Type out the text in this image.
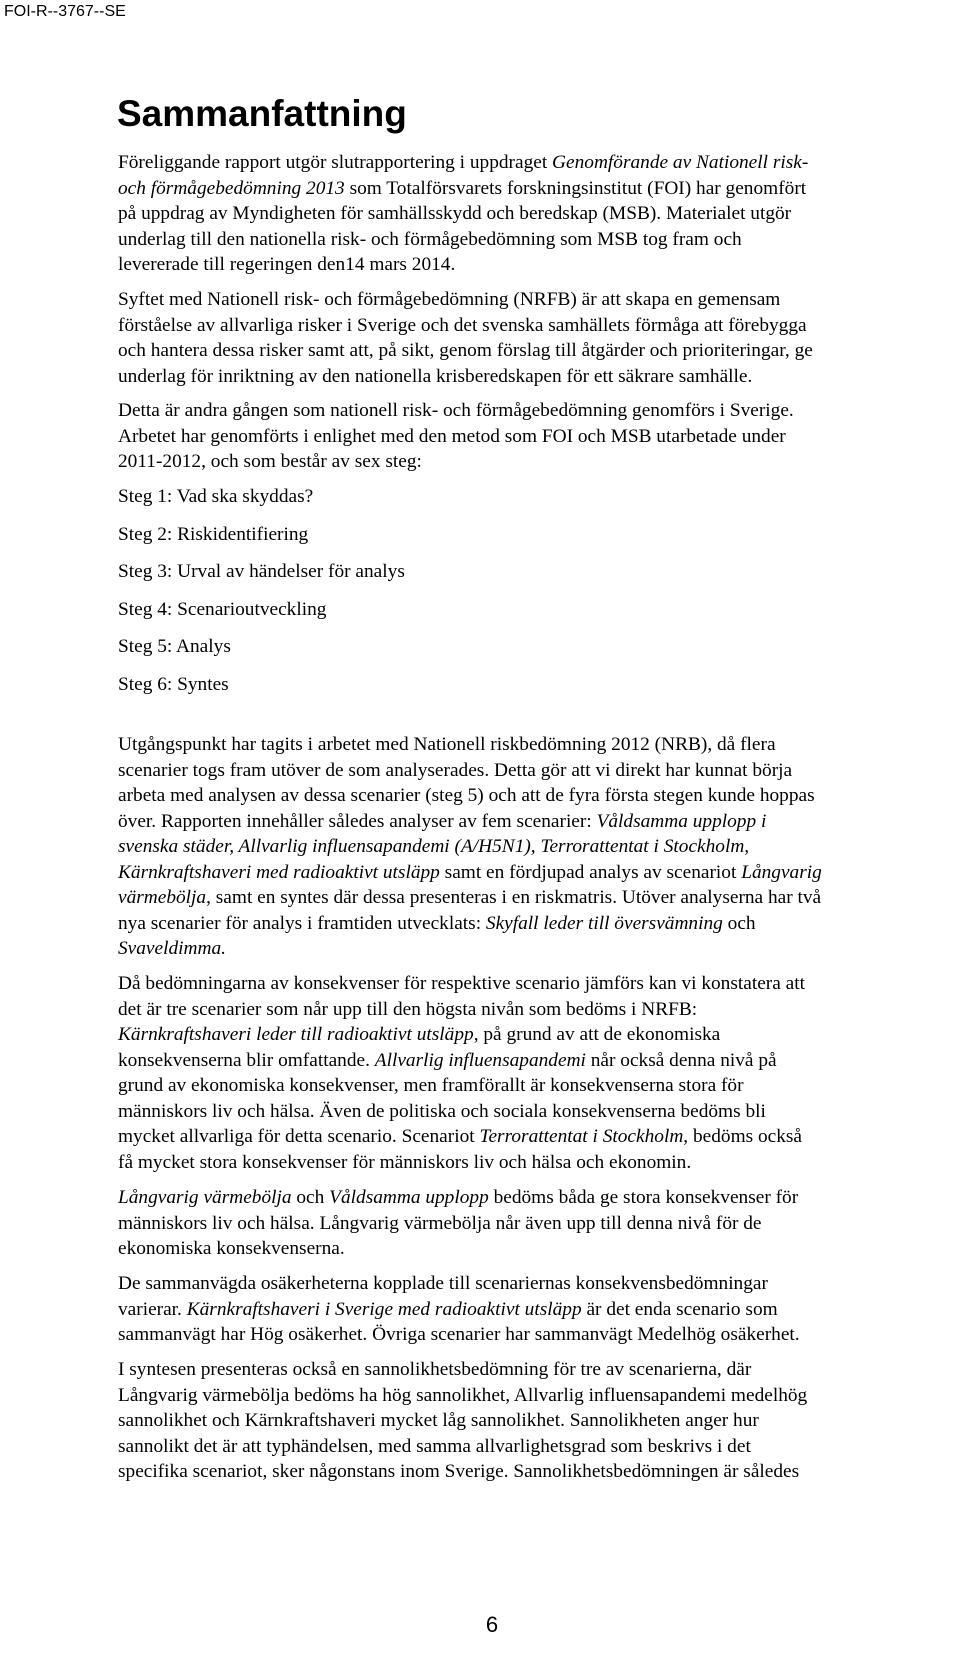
FOI-R--3767--SE
Sammanfattning
Föreliggande rapport utgör slutrapportering i uppdraget Genomförande av Nationell risk-
och förmågebedömning 2013 som Totalförsvarets forskningsinstitut (FOI) har genomfört
på uppdrag av Myndigheten för samhällsskydd och beredskap (MSB). Materialet utgör
underlag till den nationella risk- och förmågebedömning som MSB tog fram och
levererade till regeringen den14 mars 2014.
Syftet med Nationell risk- och förmågebedömning (NRFB) är att skapa en gemensam
förståelse av allvarliga risker i Sverige och det svenska samhällets förmåga att förebygga
och hantera dessa risker samt att, på sikt, genom förslag till åtgärder och prioriteringar, ge
underlag för inriktning av den nationella krisberedskapen för ett säkrare samhälle.
Detta är andra gången som nationell risk- och förmågebedömning genomförs i Sverige.
Arbetet har genomförts i enlighet med den metod som FOI och MSB utarbetade under
2011-2012, och som består av sex steg:
Steg 1: Vad ska skyddas?
Steg 2: Riskidentifiering
Steg 3: Urval av händelser för analys
Steg 4: Scenarioutveckling
Steg 5: Analys
Steg 6: Syntes
Utgångspunkt har tagits i arbetet med Nationell riskbedömning 2012 (NRB), då flera
scenarier togs fram utöver de som analyserades. Detta gör att vi direkt har kunnat börja
arbeta med analysen av dessa scenarier (steg 5) och att de fyra första stegen kunde hoppas
över. Rapporten innehåller således analyser av fem scenarier: Våldsamma upplopp i
svenska städer, Allvarlig influensapandemi (A/H5N1), Terrorattentat i Stockholm,
Kärnkraftshaveri med radioaktivt utsläpp samt en fördjupad analys av scenariot Långvarig
värmebölja, samt en syntes där dessa presenteras i en riskmatris. Utöver analyserna har två
nya scenarier för analys i framtiden utvecklats: Skyfall leder till översvämning och
Svaveldimma.
Då bedömningarna av konsekvenser för respektive scenario jämförs kan vi konstatera att
det är tre scenarier som når upp till den högsta nivån som bedöms i NRFB:
Kärnkraftshaveri leder till radioaktivt utsläpp, på grund av att de ekonomiska
konsekvenserna blir omfattande. Allvarlig influensapandemi når också denna nivå på
grund av ekonomiska konsekvenser, men framförallt är konsekvenserna stora för
människors liv och hälsa. Även de politiska och sociala konsekvenserna bedöms bli
mycket allvarliga för detta scenario. Scenariot Terrorattentat i Stockholm, bedöms också
få mycket stora konsekvenser för människors liv och hälsa och ekonomin.
Långvarig värmebölja och Våldsamma upplopp bedöms båda ge stora konsekvenser för
människors liv och hälsa. Långvarig värmebölja når även upp till denna nivå för de
ekonomiska konsekvenserna.
De sammanvägda osäkerheterna kopplade till scenariernas konsekvensbedömningar
varierar. Kärnkraftshaveri i Sverige med radioaktivt utsläpp är det enda scenario som
sammanvägt har Hög osäkerhet. Övriga scenarier har sammanvägt Medelhög osäkerhet.
I syntesen presenteras också en sannolikhetsbedömning för tre av scenarierna, där
Långvarig värmebölja bedöms ha hög sannolikhet, Allvarlig influensapandemi medelhög
sannolikhet och Kärnkraftshaveri mycket låg sannolikhet. Sannolikheten anger hur
sannolikt det är att typhändelsen, med samma allvarlighetsgrad som beskrivs i det
specifika scenariot, sker någonstans inom Sverige. Sannolikhetsbedömningen är således
6
